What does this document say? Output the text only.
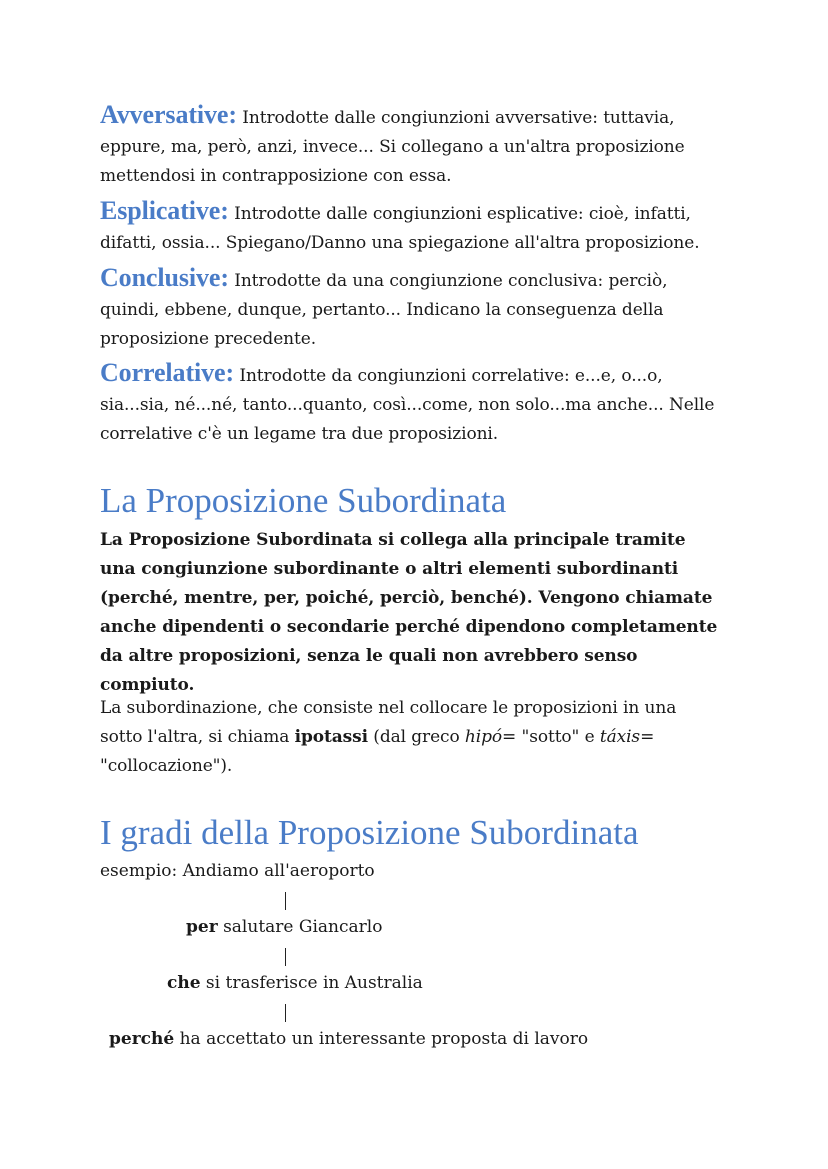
Avversative: Introdotte dalle congiunzioni avversative: tuttavia, eppure, ma, però, anzi, invece... Si collegano a un'altra proposizione mettendosi in contrapposizione con essa.
Esplicative: Introdotte dalle congiunzioni esplicative: cioè, infatti, difatti, ossia... Spiegano/Danno una spiegazione all'altra proposizione.
Conclusive: Introdotte da una congiunzione conclusiva: perciò, quindi, ebbene, dunque, pertanto... Indicano la conseguenza della proposizione precedente.
Correlative: Introdotte da congiunzioni correlative: e...e, o...o, sia...sia, né...né, tanto...quanto, così...come, non solo...ma anche... Nelle correlative c'è un legame tra due proposizioni.
La Proposizione Subordinata
La Proposizione Subordinata si collega alla principale tramite una congiunzione subordinante o altri elementi subordinanti (perché, mentre, per, poiché, perciò, benché). Vengono chiamate anche dipendenti o secondarie perché dipendono completamente da altre proposizioni, senza le quali non avrebbero senso compiuto.
La subordinazione, che consiste nel collocare le proposizioni in una sotto l'altra, si chiama ipotassi (dal greco hipó= "sotto" e táxis= "collocazione").
I gradi della Proposizione Subordinata
esempio: Andiamo all'aeroporto
per salutare Giancarlo
che si trasferisce in Australia
perché ha accettato un interessante proposta di lavoro
